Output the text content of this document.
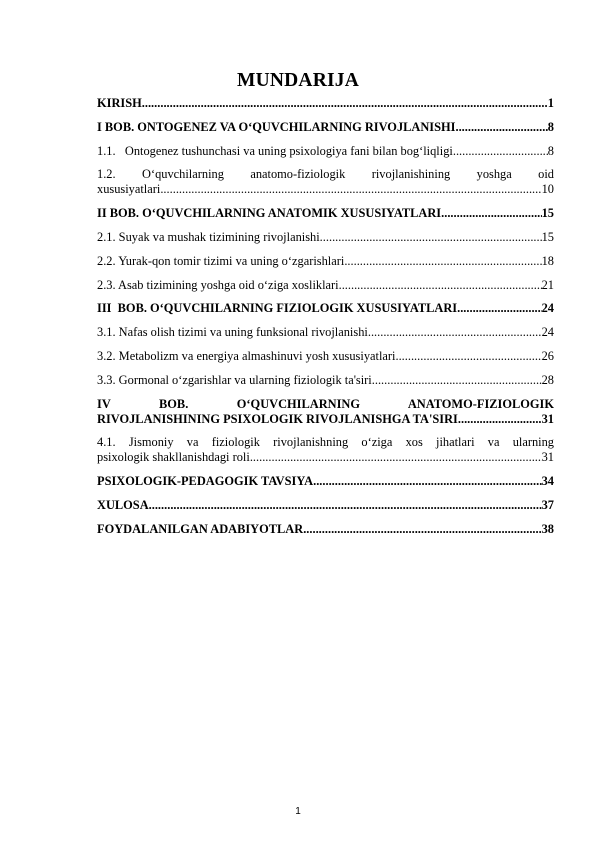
MUNDARIJA
KIRISH .....	1
I BOB. ONTOGENEZ VA O‘QUVCHILARNING RIVOJLANISHI .....	8
1.1.   Ontogenez tushunchasi va uning psixologiya fani bilan bog‘liqligi .....	8
1.2. O‘quvchilarning anatomo-fiziologik rivojlanishining yoshga oid
xususiyatlari .....	10
II BOB. O‘QUVCHILARNING ANATOMIK XUSUSIYATLARI .....	15
2.1. Suyak va mushak tizimining rivojlanishi .....	15
2.2. Yurak-qon tomir tizimi va uning o‘zgarishlari .....	18
2.3. Asab tizimining yoshga oid o‘ziga xosliklari .....	21
III  BOB. O‘QUVCHILARNING FIZIOLOGIK XUSUSIYATLARI .....	24
3.1. Nafas olish tizimi va uning funksional rivojlanishi .....	24
3.2. Metabolizm va energiya almashinuvi yosh xususiyatlari .....	26
3.3. Gormonal o‘zgarishlar va ularning fiziologik ta'siri .....	28
IV BOB. O‘QUVCHILARNING ANATOMO-FIZIOLOGIK
RIVOJLANISHINING PSIXOLOGIK RIVOJLANISHGA TA'SIRI .....	31
4.1. Jismoniy va fiziologik rivojlanishning o‘ziga xos jihatlari va ularning
psixologik shakllanishdagi roli .....	31
PSIXOLOGIK-PEDAGOGIK TAVSIYA .....	34
XULOSA .....	37
FOYDALANILGAN ADABIYOTLAR .....	38
1
